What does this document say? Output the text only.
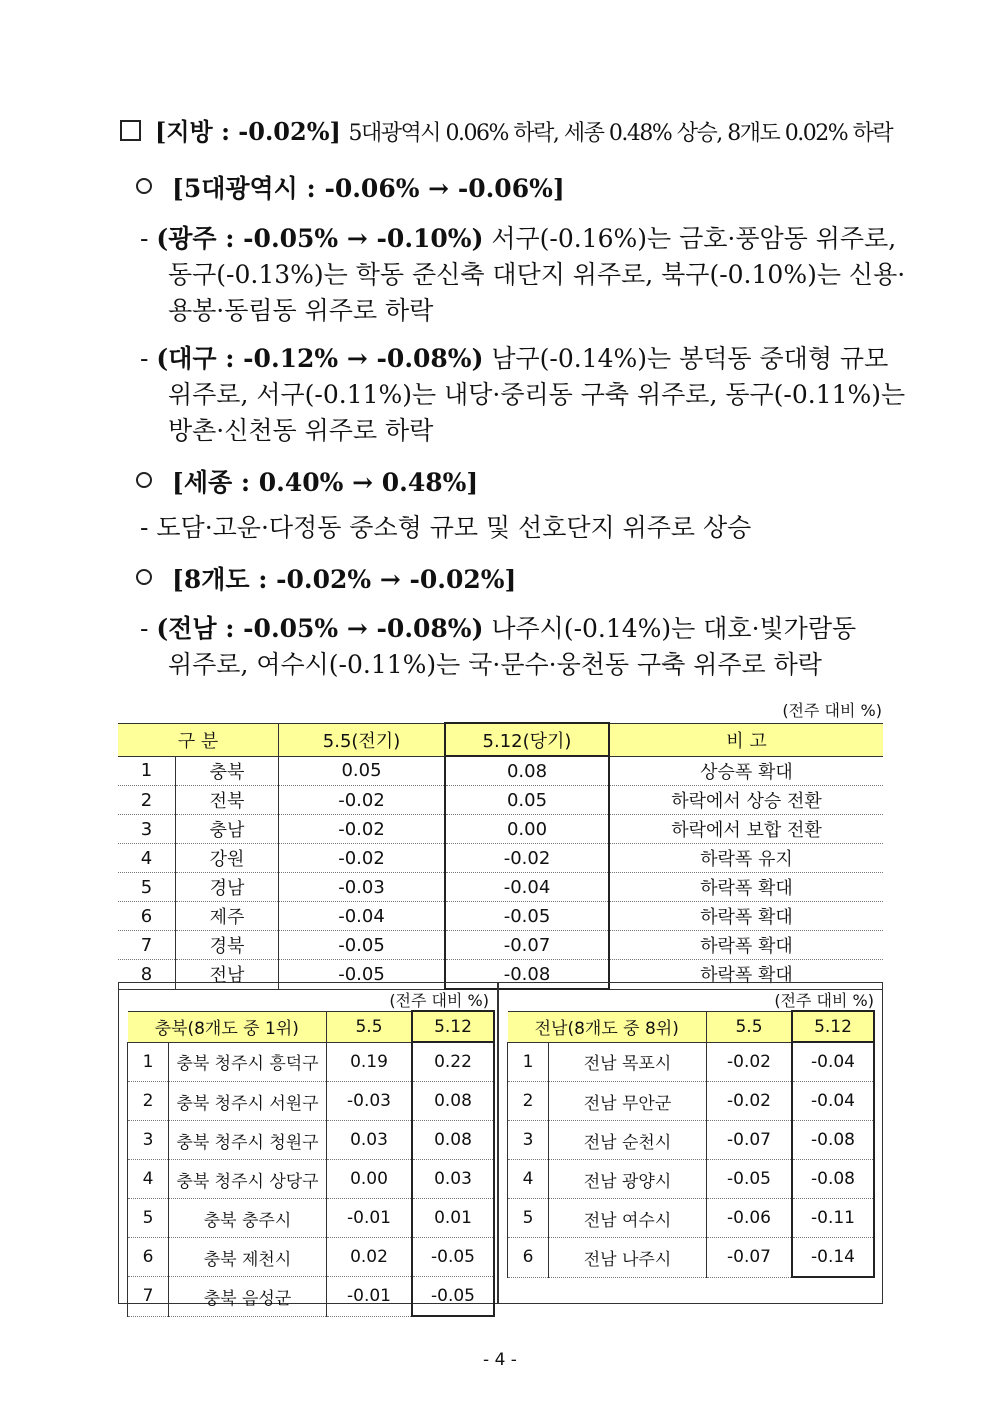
[지방 : -0.02%] 5대광역시 0.06% 하락, 세종 0.48% 상승, 8개도 0.02% 하락
[5대광역시 : -0.06% → -0.06%]
- (광주 : -0.05% → -0.10%) 서구(-0.16%)는 금호·풍암동 위주로,
동구(-0.13%)는 학동 준신축 대단지 위주로, 북구(-0.10%)는 신용·
용봉·동림동 위주로 하락
- (대구 : -0.12% → -0.08%) 남구(-0.14%)는 봉덕동 중대형 규모
위주로, 서구(-0.11%)는 내당·중리동 구축 위주로, 동구(-0.11%)는
방촌·신천동 위주로 하락
[세종 : 0.40% → 0.48%]
- 도담·고운·다정동 중소형 규모 및 선호단지 위주로 상승
[8개도 : -0.02% → -0.02%]
- (전남 : -0.05% → -0.08%) 나주시(-0.14%)는 대호·빛가람동
위주로, 여수시(-0.11%)는 국·문수·웅천동 구축 위주로 하락
(전주 대비 %)
구 분		5.5(전기)	5.12(당기)	비 고
1	충북	0.05	0.08	상승폭 확대
2	전북	-0.02	0.05	하락에서 상승 전환
3	충남	-0.02	0.00	하락에서 보합 전환
4	강원	-0.02	-0.02	하락폭 유지
5	경남	-0.03	-0.04	하락폭 확대
6	제주	-0.04	-0.05	하락폭 확대
7	경북	-0.05	-0.07	하락폭 확대
8	전남	-0.05	-0.08	하락폭 확대
(전주 대비 %)
충북(8개도 중 1위)		5.5	5.12
1	충북 청주시 흥덕구	0.19	0.22
2	충북 청주시 서원구	-0.03	0.08
3	충북 청주시 청원구	0.03	0.08
4	충북 청주시 상당구	0.00	0.03
5	충북 충주시	-0.01	0.01
6	충북 제천시	0.02	-0.05
7	충북 음성군	-0.01	-0.05
(전주 대비 %)
전남(8개도 중 8위)		5.5	5.12
1	전남 목포시	-0.02	-0.04
2	전남 무안군	-0.02	-0.04
3	전남 순천시	-0.07	-0.08
4	전남 광양시	-0.05	-0.08
5	전남 여수시	-0.06	-0.11
6	전남 나주시	-0.07	-0.14
- 4 -
